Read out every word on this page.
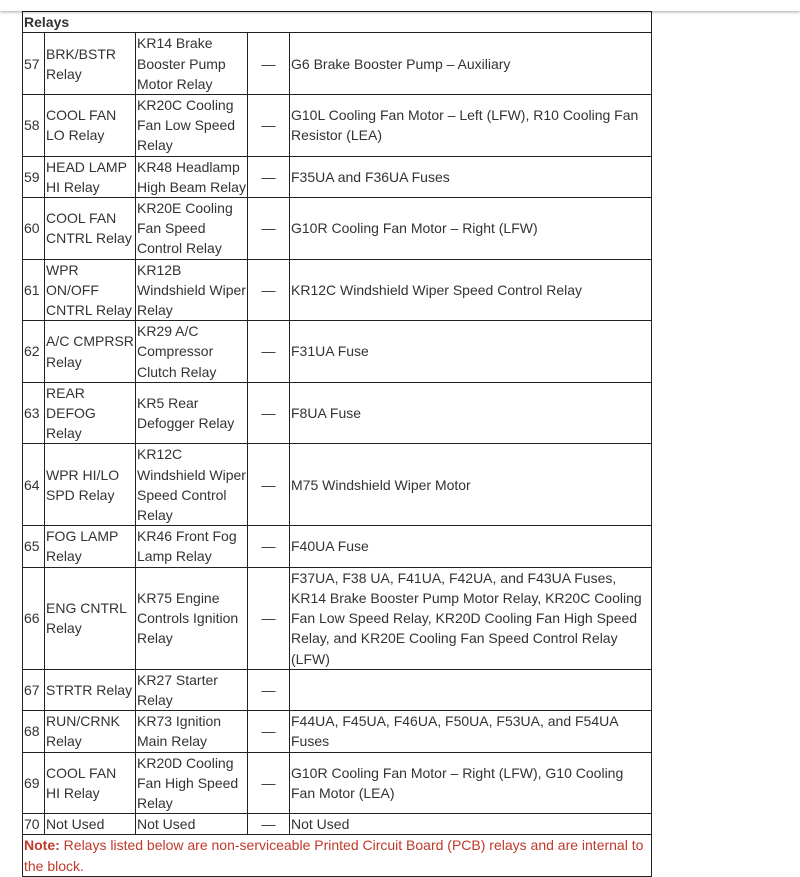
Relays				
57	BRK/BSTR Relay	KR14 Brake Booster Pump Motor Relay	—	G6 Brake Booster Pump – Auxiliary
58	COOL FAN LO Relay	KR20C Cooling Fan Low Speed Relay	—	G10L Cooling Fan Motor – Left (LFW), R10 Cooling Fan Resistor (LEA)
59	HEAD LAMP HI Relay	KR48 Headlamp High Beam Relay	—	F35UA and F36UA Fuses
60	COOL FAN CNTRL Relay	KR20E Cooling Fan Speed Control Relay	—	G10R Cooling Fan Motor – Right (LFW)
61	WPR ON/OFF CNTRL Relay	KR12B Windshield Wiper Relay	—	KR12C Windshield Wiper Speed Control Relay
62	A/C CMPRSR Relay	KR29 A/C Compressor Clutch Relay	—	F31UA Fuse
63	REAR DEFOG Relay	KR5 Rear Defogger Relay	—	F8UA Fuse
64	WPR HI/LO SPD Relay	KR12C Windshield Wiper Speed Control Relay	—	M75 Windshield Wiper Motor
65	FOG LAMP Relay	KR46 Front Fog Lamp Relay	—	F40UA Fuse
66	ENG CNTRL Relay	KR75 Engine Controls Ignition Relay	—	F37UA, F38 UA, F41UA, F42UA, and F43UA Fuses, KR14 Brake Booster Pump Motor Relay, KR20C Cooling Fan Low Speed Relay, KR20D Cooling Fan High Speed Relay, and KR20E Cooling Fan Speed Control Relay (LFW)
67	STRTR Relay	KR27 Starter Relay	—	
68	RUN/CRNK Relay	KR73 Ignition Main Relay	—	F44UA, F45UA, F46UA, F50UA, F53UA, and F54UA Fuses
69	COOL FAN HI Relay	KR20D Cooling Fan High Speed Relay	—	G10R Cooling Fan Motor – Right (LFW), G10 Cooling Fan Motor (LEA)
70	Not Used	Not Used	—	Not Used
Note: Relays listed below are non-serviceable Printed Circuit Board (PCB) relays and are internal to the block.				
